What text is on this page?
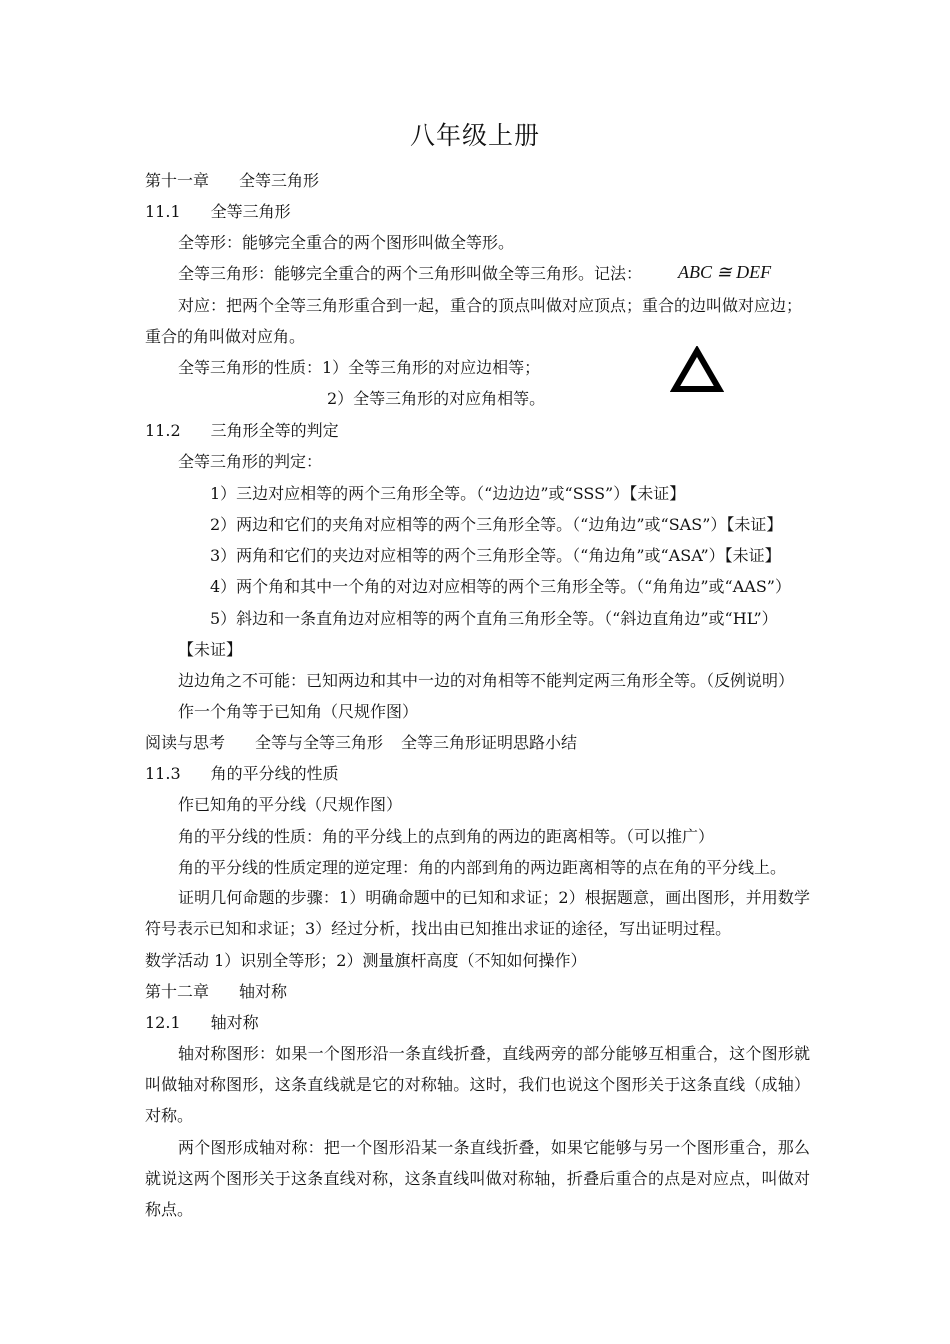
八年级上册
第十一章 全等三角形
11.1 全等三角形
全等形：能够完全重合的两个图形叫做全等形。
全等三角形：能够完全重合的两个三角形叫做全等三角形。记法： ABC ≅ DEF
对应：把两个全等三角形重合到一起，重合的顶点叫做对应顶点；重合的边叫做对应边；
重合的角叫做对应角。
全等三角形的性质：1）全等三角形的对应边相等；
2）全等三角形的对应角相等。
11.2 三角形全等的判定
全等三角形的判定：
1）三边对应相等的两个三角形全等。（“边边边”或“SSS”）【未证】
2）两边和它们的夹角对应相等的两个三角形全等。（“边角边”或“SAS”）【未证】
3）两角和它们的夹边对应相等的两个三角形全等。（“角边角”或“ASA”）【未证】
4）两个角和其中一个角的对边对应相等的两个三角形全等。（“角角边”或“AAS”）
5）斜边和一条直角边对应相等的两个直角三角形全等。（“斜边直角边”或“HL”）
【未证】
边边角之不可能：已知两边和其中一边的对角相等不能判定两三角形全等。（反例说明）
作一个角等于已知角（尺规作图）
阅读与思考 全等与全等三角形 全等三角形证明思路小结
11.3 角的平分线的性质
作已知角的平分线（尺规作图）
角的平分线的性质：角的平分线上的点到角的两边的距离相等。（可以推广）
角的平分线的性质定理的逆定理：角的内部到角的两边距离相等的点在角的平分线上。
证明几何命题的步骤：1）明确命题中的已知和求证；2）根据题意，画出图形，并用数学符号表示已知和求证；3）经过分析，找出由已知推出求证的途径，写出证明过程。
数学活动 1）识别全等形；2）测量旗杆高度（不知如何操作）
第十二章 轴对称
12.1 轴对称
轴对称图形：如果一个图形沿一条直线折叠，直线两旁的部分能够互相重合，这个图形就叫做轴对称图形，这条直线就是它的对称轴。这时，我们也说这个图形关于这条直线（成轴）对称。
两个图形成轴对称：把一个图形沿某一条直线折叠，如果它能够与另一个图形重合，那么就说这两个图形关于这条直线对称，这条直线叫做对称轴，折叠后重合的点是对应点，叫做对称点。
